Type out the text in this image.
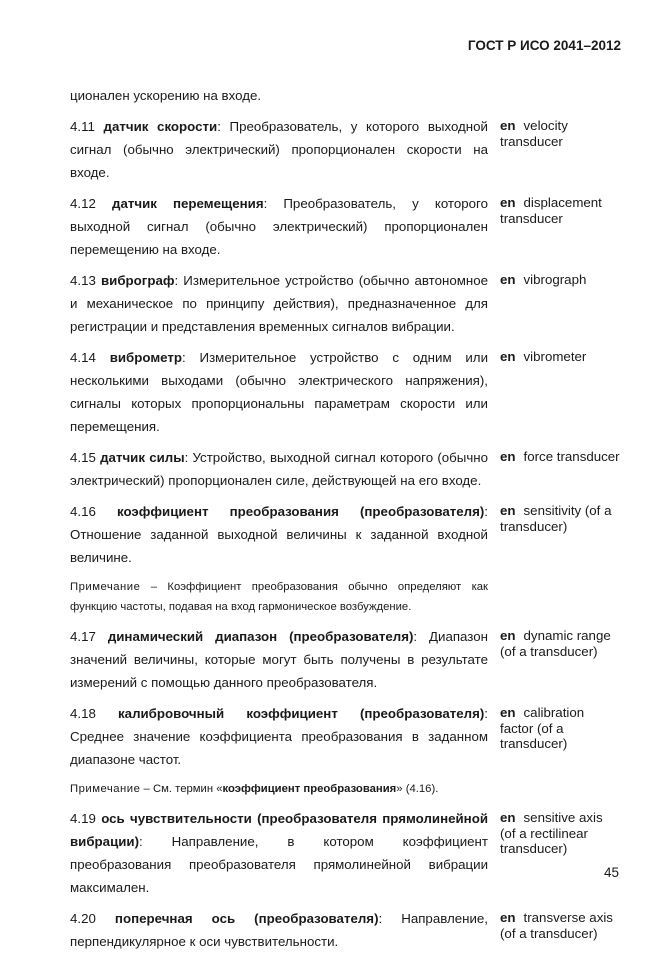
ГОСТ Р ИСО 2041–2012
ционален ускорению на входе.
4.11 датчик скорости: Преобразователь, у которого выходной сигнал (обычно электрический) пропорционален скорости на входе.
en velocity transducer
4.12 датчик перемещения: Преобразователь, у которого выходной сигнал (обычно электрический) пропорционален перемещению на входе.
en displacement transducer
4.13 виброграф: Измерительное устройство (обычно автономное и механическое по принципу действия), предназначенное для регистрации и представления временных сигналов вибрации.
en vibrograph
4.14 виброметр: Измерительное устройство с одним или несколькими выходами (обычно электрического напряжения), сигналы которых пропорциональны параметрам скорости или перемещения.
en vibrometer
4.15 датчик силы: Устройство, выходной сигнал которого (обычно электрический) пропорционален силе, действующей на его входе.
en force transducer
4.16 коэффициент преобразования (преобразователя): Отношение заданной выходной величины к заданной входной величине.
en sensitivity (of a transducer)
Примечание – Коэффициент преобразования обычно определяют как функцию частоты, подавая на вход гармоническое возбуждение.
4.17 динамический диапазон (преобразователя): Диапазон значений величины, которые могут быть получены в результате измерений с помощью данного преобразователя.
en dynamic range (of a transducer)
4.18 калибровочный коэффициент (преобразователя): Среднее значение коэффициента преобразования в заданном диапазоне частот.
en calibration factor (of a transducer)
Примечание – См. термин «коэффициент преобразования» (4.16).
4.19 ось чувствительности (преобразователя прямолинейной вибрации): Направление, в котором коэффициент преобразования преобразователя прямолинейной вибрации максимален.
en sensitive axis (of a rectilinear transducer)
4.20 поперечная ось (преобразователя): Направление, перпендикулярное к оси чувствительности.
en transverse axis (of a transducer)
45
